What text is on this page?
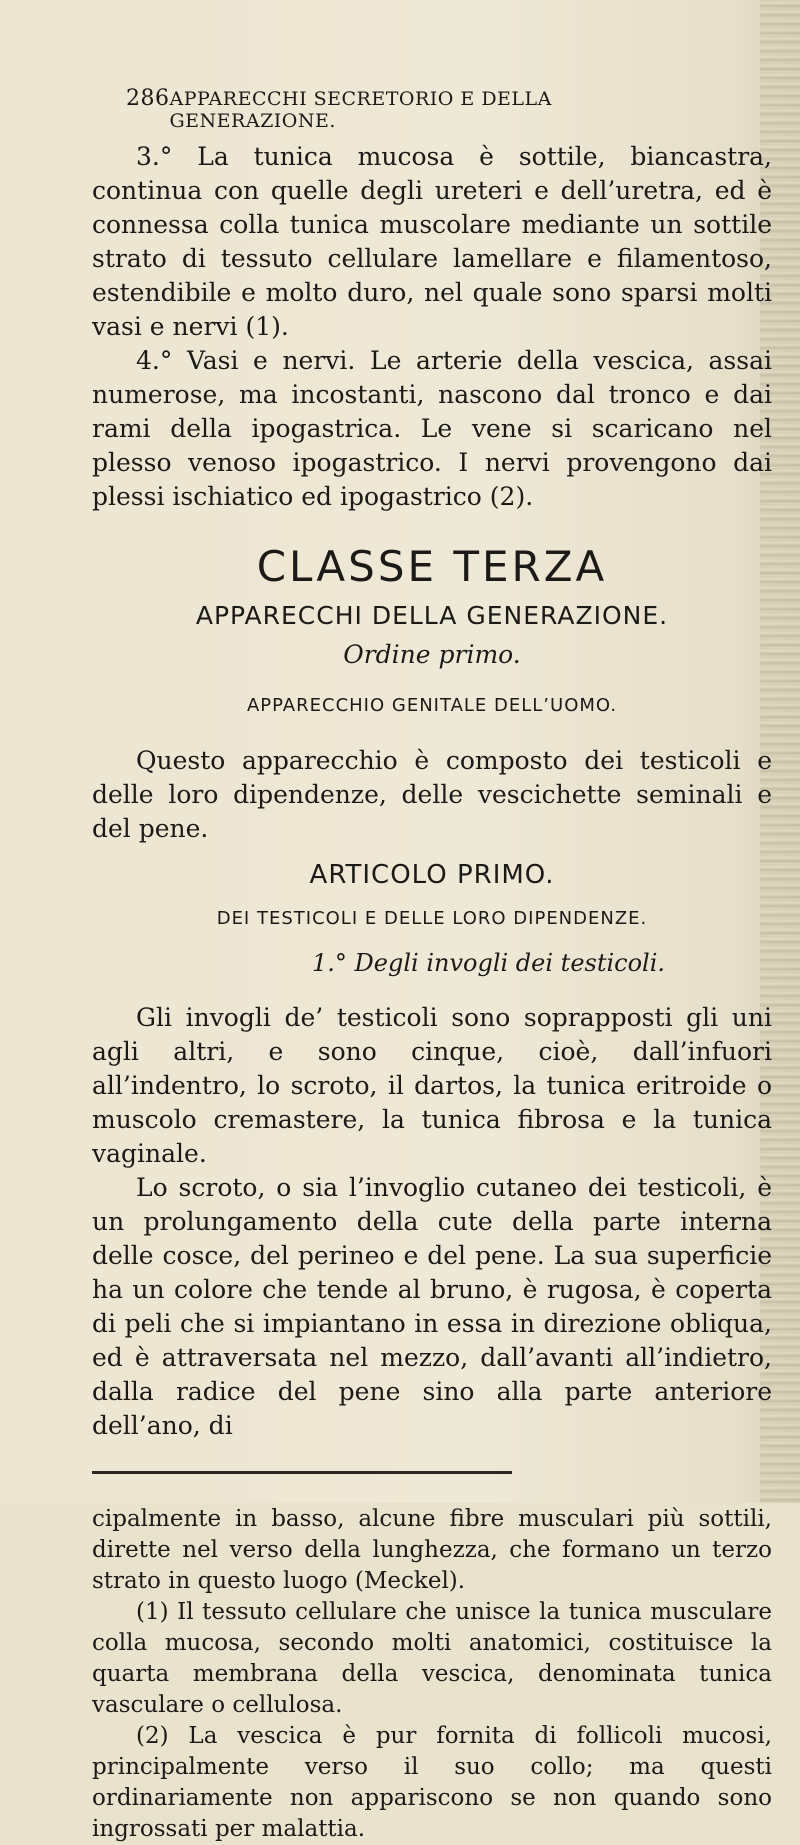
286 APPARECCHI SECRETORIO E DELLA GENERAZIONE.

3.° La tunica mucosa è sottile, biancastra, continua con quelle degli ureteri e dell’uretra, ed è connessa colla tunica muscolare mediante un sottile strato di tessuto cellulare lamellare e filamentoso, estendibile e molto duro, nel quale sono sparsi molti vasi e nervi (1).

4.° Vasi e nervi. Le arterie della vescica, assai numerose, ma incostanti, nascono dal tronco e dai rami della ipogastrica. Le vene si scaricano nel plesso venoso ipogastrico. I nervi provengono dai plessi ischiatico ed ipogastrico (2).

CLASSE TERZA
APPARECCHI DELLA GENERAZIONE.
Ordine primo.
APPARECCHIO GENITALE DELL’UOMO.

Questo apparecchio è composto dei testicoli e delle loro dipendenze, delle vescichette seminali e del pene.

ARTICOLO PRIMO.
DEI TESTICOLI E DELLE LORO DIPENDENZE.
1.° Degli invogli dei testicoli.

Gli invogli de’ testicoli sono soprapposti gli uni agli altri, e sono cinque, cioè, dall’infuori all’indentro, lo scroto, il dartos, la tunica eritroide o muscolo cremastere, la tunica fibrosa e la tunica vaginale.

Lo scroto, o sia l’invoglio cutaneo dei testicoli, è un prolungamento della cute della parte interna delle cosce, del perineo e del pene. La sua superficie ha un colore che tende al bruno, è rugosa, è coperta di peli che si impiantano in essa in direzione obliqua, ed è attraversata nel mezzo, dall’avanti all’indietro, dalla radice del pene sino alla parte anteriore dell’ano, di

cipalmente in basso, alcune fibre musculari più sottili, dirette nel verso della lunghezza, che formano un terzo strato in questo luogo (Meckel).

(1) Il tessuto cellulare che unisce la tunica musculare colla mucosa, secondo molti anatomici, costituisce la quarta membrana della vescica, denominata tunica vasculare o cellulosa.

(2) La vescica è pur fornita di follicoli mucosi, principalmente verso il suo collo; ma questi ordinariamente non appariscono se non quando sono ingrossati per malattia.
